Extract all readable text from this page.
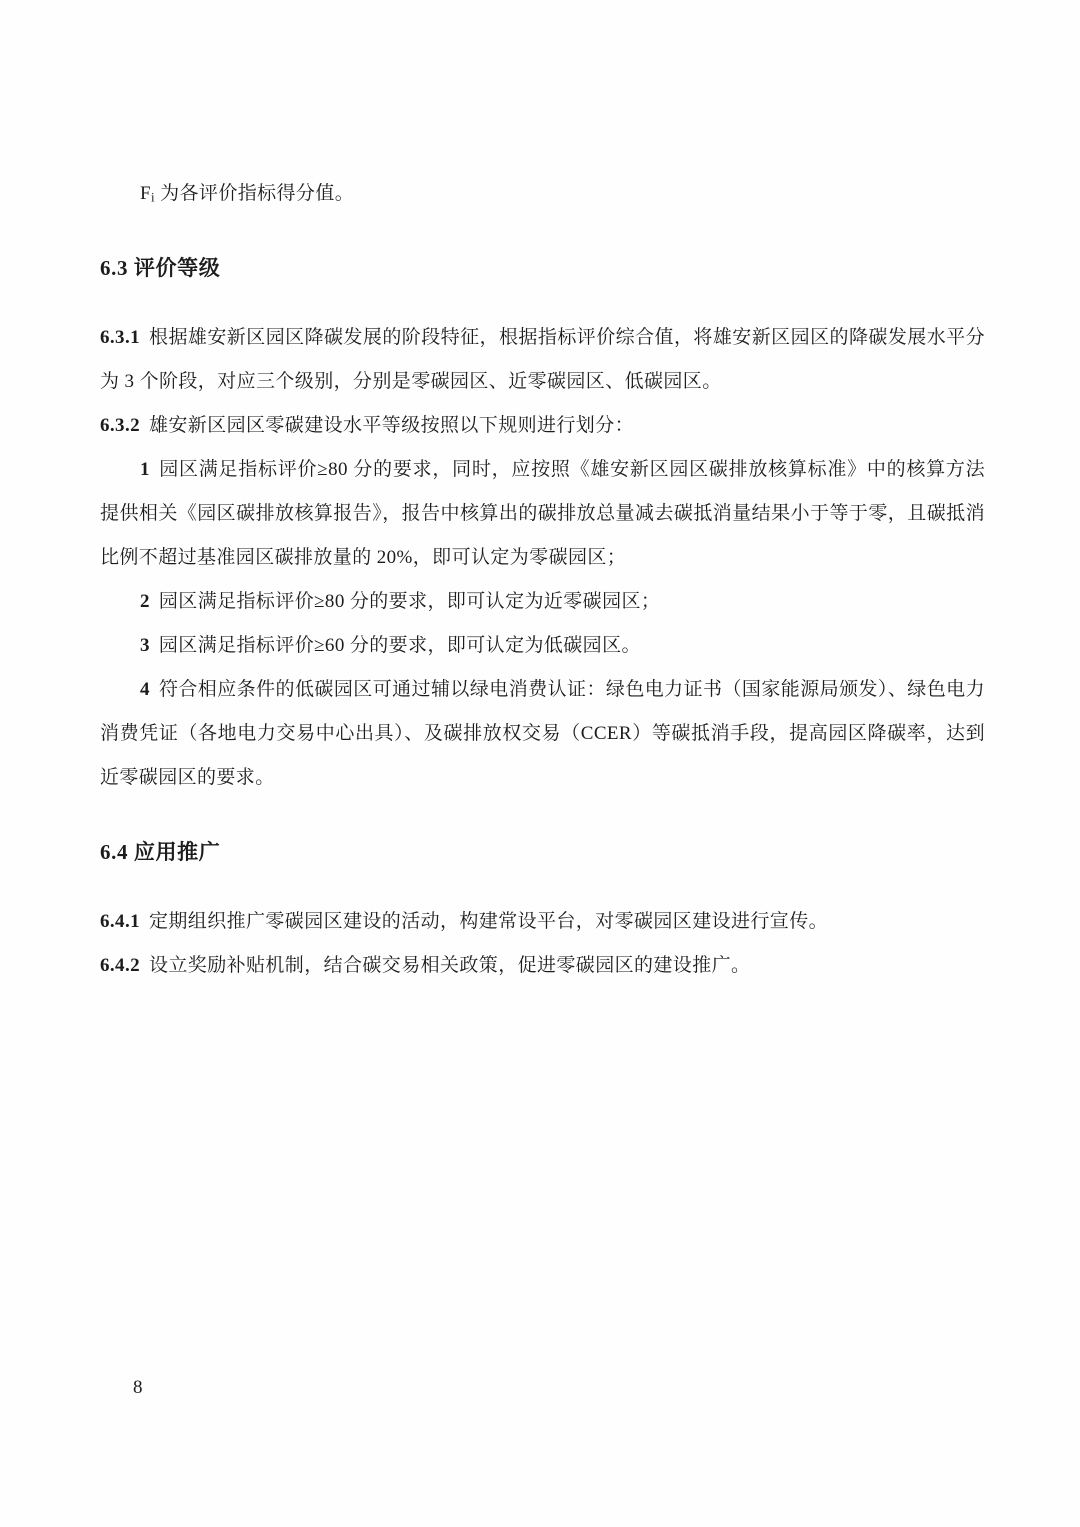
$F_i$ 为各评价指标得分值。

6.3 评价等级

6.3.1 根据雄安新区园区降碳发展的阶段特征，根据指标评价综合值，将雄安新区园区的降碳发展水平分为 3 个阶段，对应三个级别，分别是零碳园区、近零碳园区、低碳园区。

6.3.2 雄安新区园区零碳建设水平等级按照以下规则进行划分：

1 园区满足指标评价≥80 分的要求，同时，应按照《雄安新区园区碳排放核算标准》中的核算方法提供相关《园区碳排放核算报告》，报告中核算出的碳排放总量减去碳抵消量结果小于等于零，且碳抵消比例不超过基准园区碳排放量的 20%，即可认定为零碳园区；

2 园区满足指标评价≥80 分的要求，即可认定为近零碳园区；

3 园区满足指标评价≥60 分的要求，即可认定为低碳园区。

4 符合相应条件的低碳园区可通过辅以绿电消费认证：绿色电力证书（国家能源局颁发）、绿色电力消费凭证（各地电力交易中心出具）、及碳排放权交易（CCER）等碳抵消手段，提高园区降碳率，达到近零碳园区的要求。

6.4 应用推广

6.4.1 定期组织推广零碳园区建设的活动，构建常设平台，对零碳园区建设进行宣传。

6.4.2 设立奖励补贴机制，结合碳交易相关政策，促进零碳园区的建设推广。

8
